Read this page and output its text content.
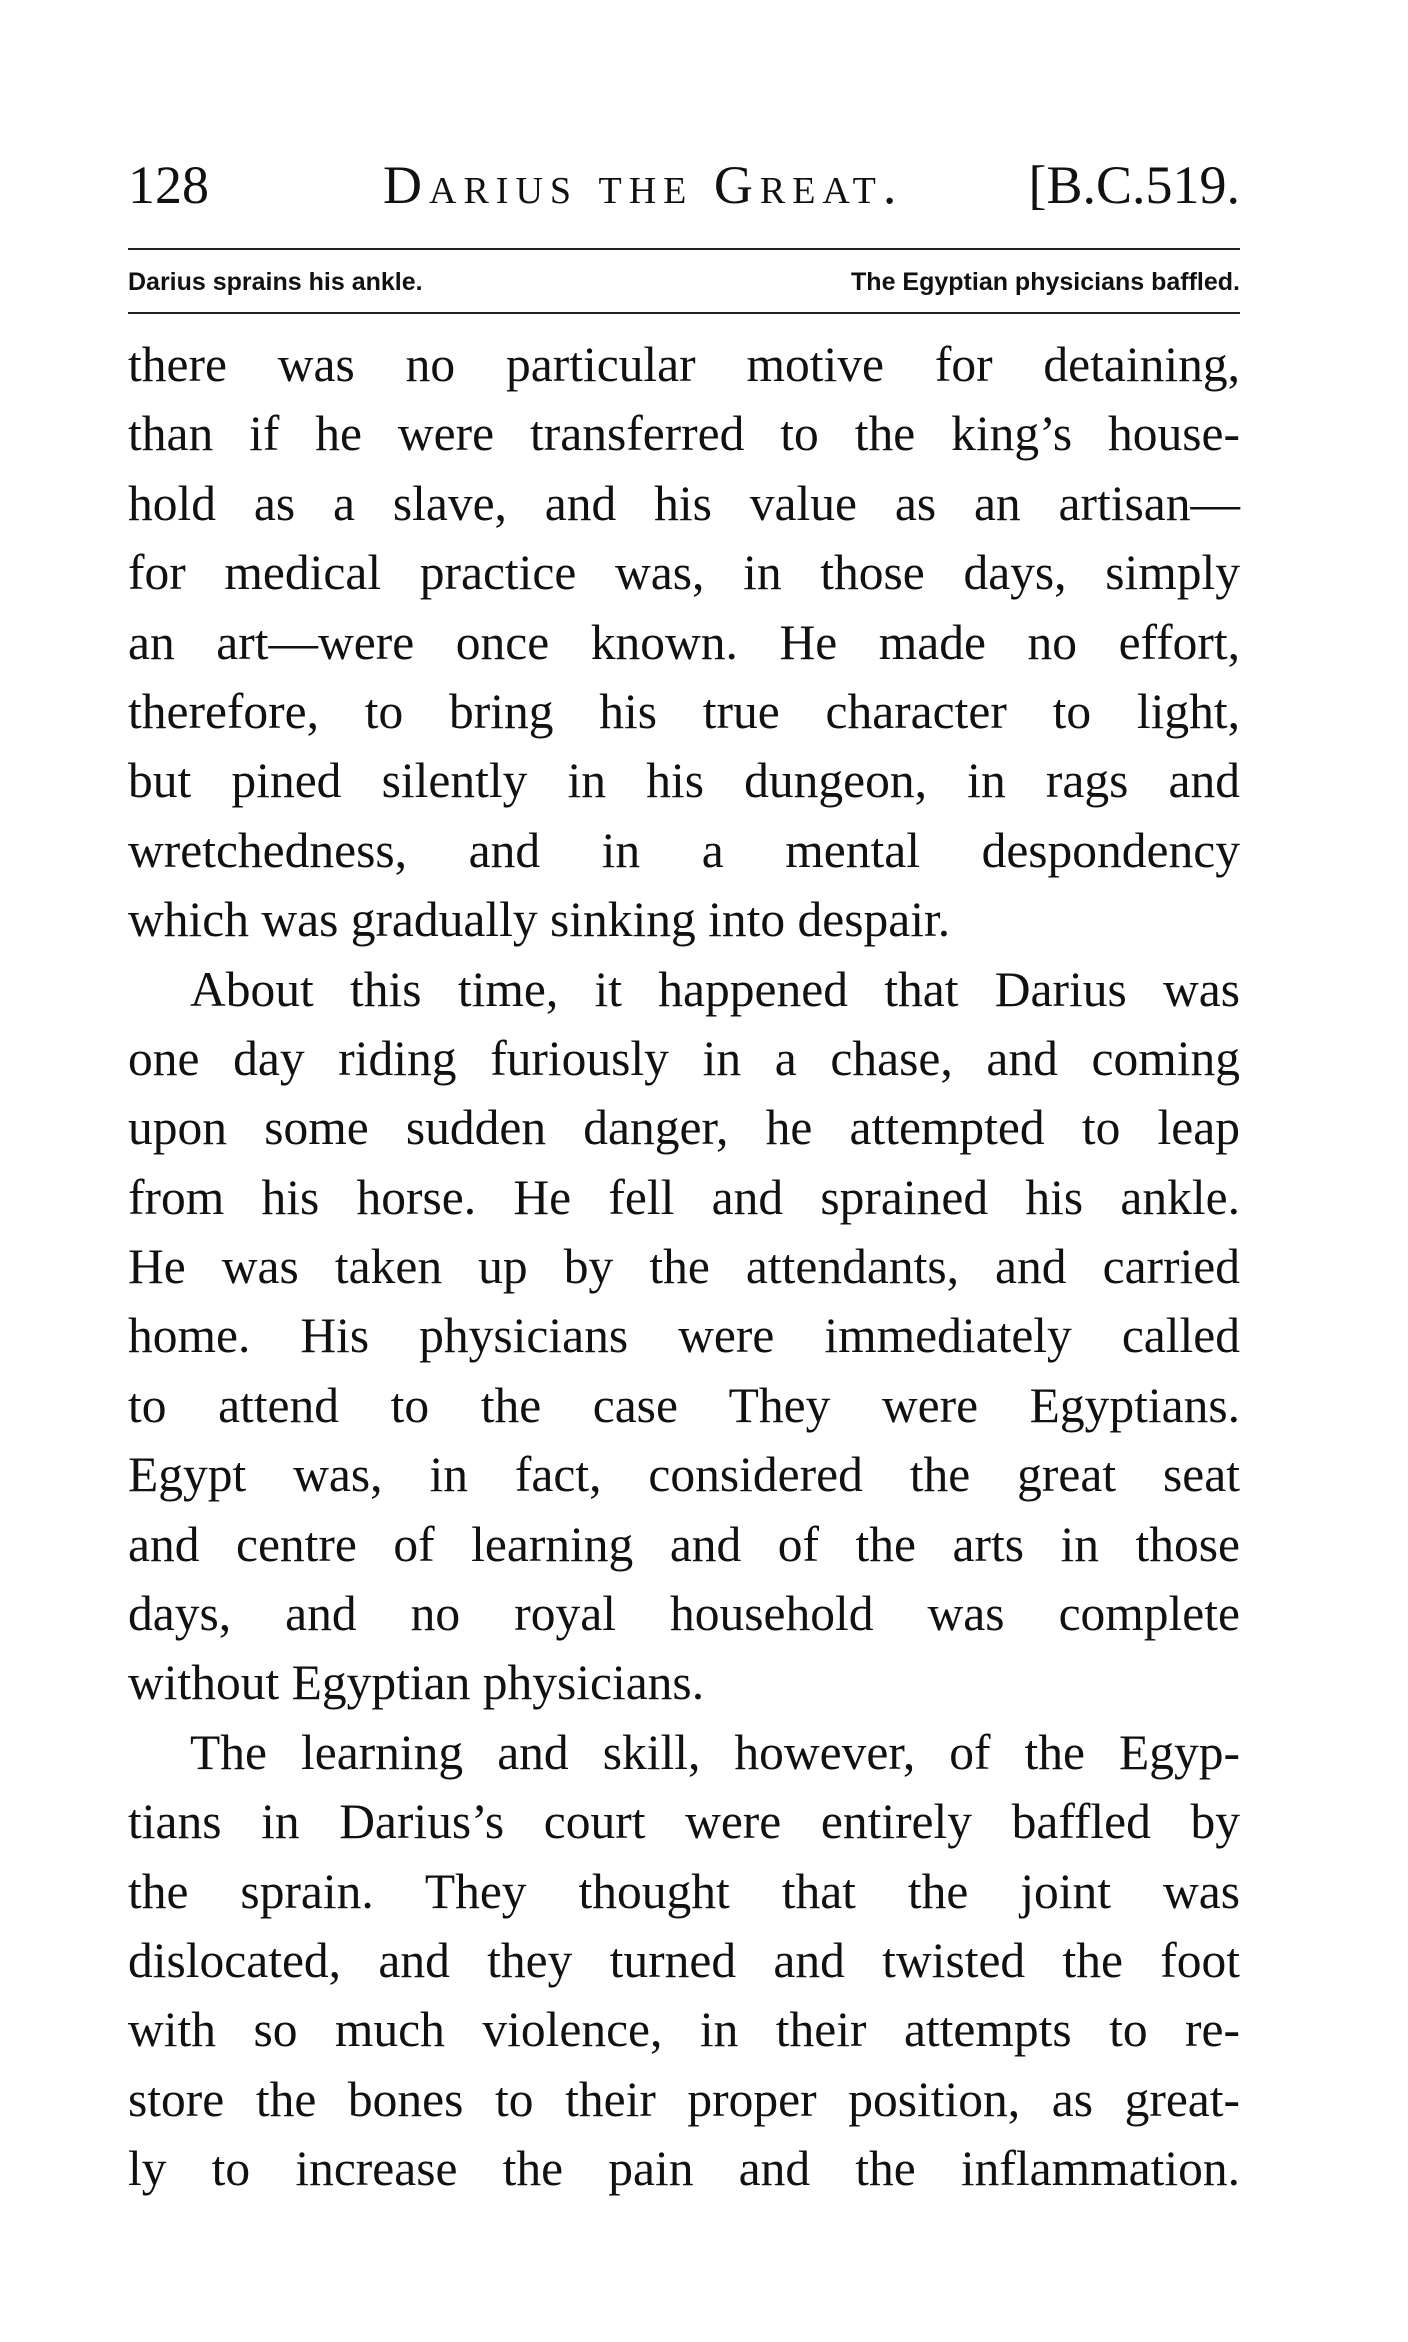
128	Darius the Great. [B.C.519.
Darius sprains his ankle.	The Egyptian physicians baffled.
there was no particular motive for detaining,
than if he were transferred to the king’s house-
hold as a slave, and his value as an artisan—
for medical practice was, in those days, simply
an art—were once known. He made no effort,
therefore, to bring his true character to light,
but pined silently in his dungeon, in rags and
wretchedness, and in a mental despondency
which was gradually sinking into despair.
About this time, it happened that Darius was
one day riding furiously in a chase, and coming
upon some sudden danger, he attempted to leap
from his horse. He fell and sprained his ankle.
He was taken up by the attendants, and carried
home. His physicians were immediately called
to attend to the case They were Egyptians.
Egypt was, in fact, considered the great seat
and centre of learning and of the arts in those
days, and no royal household was complete
without Egyptian physicians.
The learning and skill, however, of the Egyp-
tians in Darius’s court were entirely baffled by
the sprain. They thought that the joint was
dislocated, and they turned and twisted the foot
with so much violence, in their attempts to re-
store the bones to their proper position, as great-
ly to increase the pain and the inflammation.
